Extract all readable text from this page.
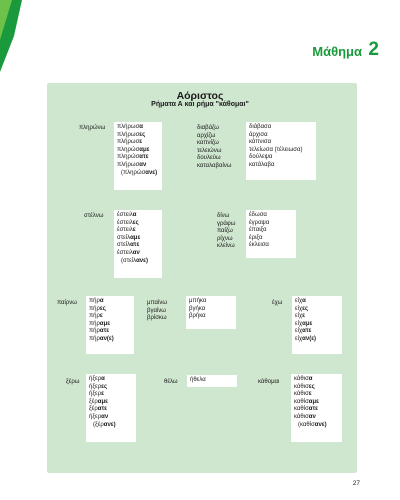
Μάθημα 2
Αόριστος
Ρήματα Α και ρήμα "κάθομαι"
πληρώνω πλήρωσα
πλήρωσες
πλήρωσε
πληρώσαμε
πληρώσατε
πλήρωσαν
(πληρώσανε)
διαβάζω
αρχίζω
καπνίζω
τελειώνω
δουλεύω
καταλαβαίνω
διάβασα
άρχισα
κάπνισα
τελείωσα (τέλειωσα)
δούλεψα
κατάλαβα
στέλνω έστειλα
έστειλες
έστειλε
στείλαμε
στείλατε
έστειλαν
(στείλανε)
δίνω
γράφω
παίζω
ρίχνω
κλείνω
έδωσα
έγραψα
έπαιξα
έριξα
έκλεισα
παίρνω πήρα
πήρες
πήρε
πήραμε
πήρατε
πήραν(ε)
μπαίνω
βγαίνω
βρίσκω
μπήκα
βγήκα
βρήκα
έχω είχα
είχες
είχε
είχαμε
είχατε
είχαν(ε)
ξέρω ήξερα
ήξερες
ήξερε
ξέραμε
ξέρατε
ήξεραν
(ξέρανε)
θέλω ήθελα	κάθομαι κάθισα
κάθισες
κάθισε
καθίσαμε
καθίσατε
κάθισαν
(καθίσανε)
27
